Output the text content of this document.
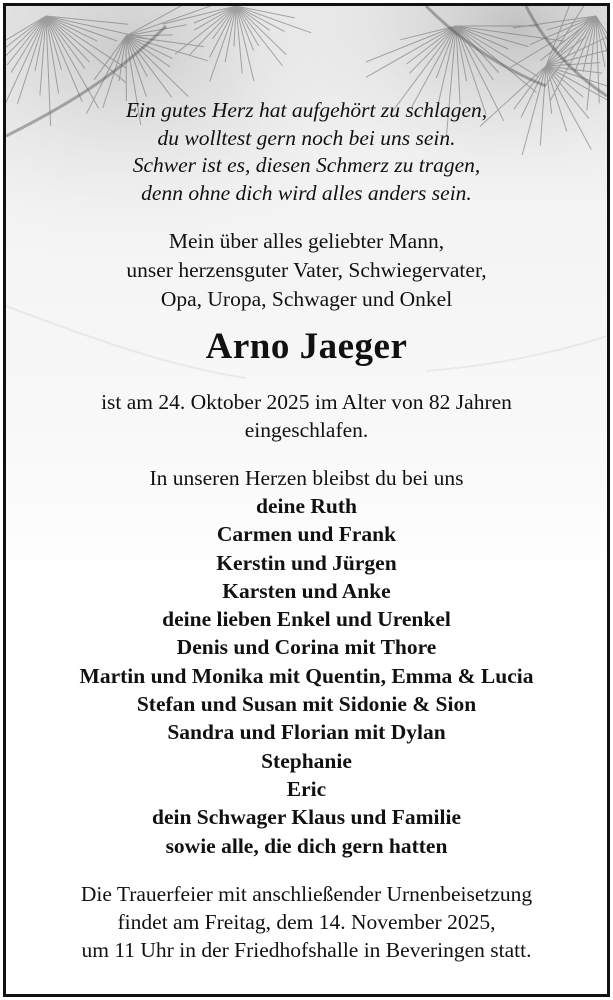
Ein gutes Herz hat aufgehört zu schlagen,
du wolltest gern noch bei uns sein.
Schwer ist es, diesen Schmerz zu tragen,
denn ohne dich wird alles anders sein.
Mein über alles geliebter Mann,
unser herzensguter Vater, Schwiegervater,
Opa, Uropa, Schwager und Onkel
Arno Jaeger
ist am 24. Oktober 2025 im Alter von 82 Jahren
eingeschlafen.
In unseren Herzen bleibst du bei uns
deine Ruth
Carmen und Frank
Kerstin und Jürgen
Karsten und Anke
deine lieben Enkel und Urenkel
Denis und Corina mit Thore
Martin und Monika mit Quentin, Emma & Lucia
Stefan und Susan mit Sidonie & Sion
Sandra und Florian mit Dylan
Stephanie
Eric
dein Schwager Klaus und Familie
sowie alle, die dich gern hatten
Die Trauerfeier mit anschließender Urnenbeisetzung
findet am Freitag, dem 14. November 2025,
um 11 Uhr in der Friedhofshalle in Beveringen statt.
